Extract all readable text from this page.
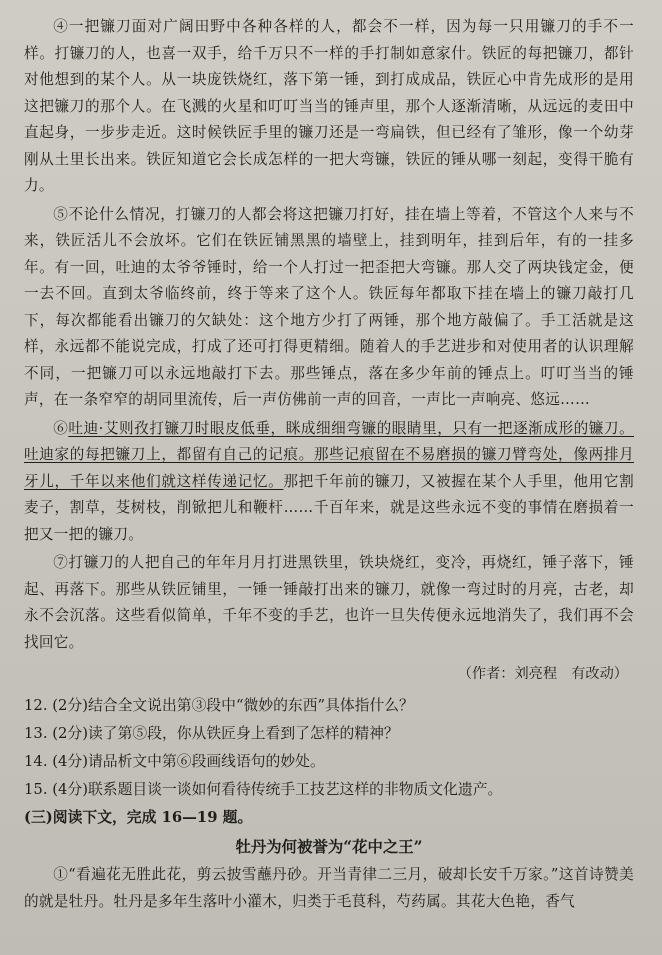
④一把镰刀面对广阔田野中各种各样的人，都会不一样，因为每一只用镰刀的手不一样。打镰刀的人，也喜一双手，给千万只不一样的手打制如意家什。铁匠的每把镰刀，都针对他想到的某个人。从一块庞铁烧红，落下第一锤，到打成成品，铁匠心中肯先成形的是用这把镰刀的那个人。在飞溅的火星和叮叮当当的锤声里，那个人逐渐清晰，从远远的麦田中直起身，一步步走近。这时候铁匠手里的镰刀还是一弯扁铁，但已经有了雏形，像一个幼芽刚从土里长出来。铁匠知道它会长成怎样的一把大弯镰，铁匠的锤从哪一刻起，变得干脆有力。

⑤不论什么情况，打镰刀的人都会将这把镰刀打好，挂在墙上等着，不管这个人来与不来，铁匠活儿不会放坏。它们在铁匠铺黑黑的墙壁上，挂到明年，挂到后年，有的一挂多年。有一回，吐迪的太爷爷锤时，给一个人打过一把歪把大弯镰。那人交了两块钱定金，便一去不回。直到太爷临终前，终于等来了这个人。铁匠每年都取下挂在墙上的镰刀敲打几下，每次都能看出镰刀的欠缺处：这个地方少打了两锤，那个地方敲偏了。手工活就是这样，永远都不能说完成，打成了还可打得更精细。随着人的手艺进步和对使用者的认识理解不同，一把镰刀可以永远地敲打下去。那些锤点，落在多少年前的锤点上。叮叮当当的锤声，在一条窄窄的胡同里流传，后一声仿佛前一声的回音，一声比一声响亮、悠远……

⑥吐迪·艾则孜打镰刀时眼皮低垂，眯成细细弯镰的眼睛里，只有一把逐渐成形的镰刀。吐迪家的每把镰刀上，都留有自己的记痕。那些记痕留在不易磨损的镰刀臂弯处，像两排月牙儿，千年以来他们就这样传递记忆。那把千年前的镰刀，又被握在某个人手里，他用它割麦子，割草，芟树枝，削锨把儿和鞭杆……千百年来，就是这些永远不变的事情在磨损着一把又一把的镰刀。

⑦打镰刀的人把自己的年年月月打进黑铁里，铁块烧红，变冷，再烧红，锤子落下，锤起、再落下。那些从铁匠铺里，一锤一锤敲打出来的镰刀，就像一弯过时的月亮，古老，却永不会沉落。这些看似简单，千年不变的手艺，也许一旦失传便永远地消失了，我们再不会找回它。

（作者：刘亮程　有改动）

12. (2分)结合全文说出第③段中“微妙的东西”具体指什么？

13. (2分)读了第⑤段，你从铁匠身上看到了怎样的精神？

14. (4分)请品析文中第⑥段画线语句的妙处。

15. (4分)联系题目谈一谈如何看待传统手工技艺这样的非物质文化遗产。

(三)阅读下文，完成 16—19 题。

牡丹为何被誉为“花中之王”

①“看遍花无胜此花，剪云披雪蘸丹砂。开当青律二三月，破却长安千万家。”这首诗赞美的就是牡丹。牡丹是多年生落叶小灌木，归类于毛茛科，芍药属。其花大色艳，香气
